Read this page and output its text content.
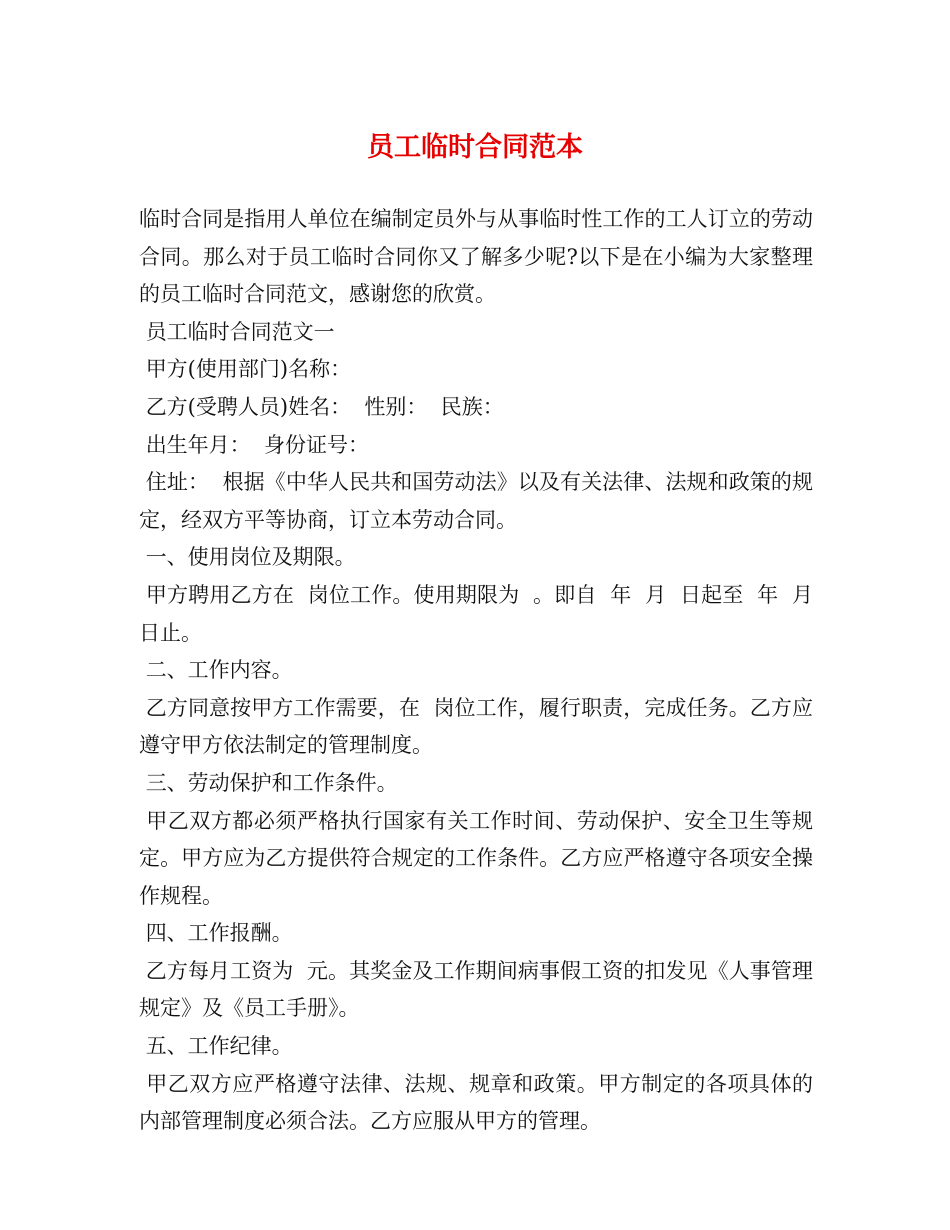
员工临时合同范本

临时合同是指用人单位在编制定员外与从事临时性工作的工人订立的劳动合同。那么对于员工临时合同你又了解多少呢?以下是在小编为大家整理的员工临时合同范文，感谢您的欣赏。

员工临时合同范文一

甲方(使用部门)名称：

乙方(受聘人员)姓名：  性别：  民族：

出生年月：  身份证号：

住址：  根据《中华人民共和国劳动法》以及有关法律、法规和政策的规定，经双方平等协商，订立本劳动合同。

一、使用岗位及期限。

甲方聘用乙方在  岗位工作。使用期限为  。即自  年  月  日起至  年  月日止。

二、工作内容。

乙方同意按甲方工作需要，在  岗位工作，履行职责，完成任务。乙方应遵守甲方依法制定的管理制度。

三、劳动保护和工作条件。

甲乙双方都必须严格执行国家有关工作时间、劳动保护、安全卫生等规定。甲方应为乙方提供符合规定的工作条件。乙方应严格遵守各项安全操作规程。

四、工作报酬。

乙方每月工资为  元。其奖金及工作期间病事假工资的扣发见《人事管理规定》及《员工手册》。

五、工作纪律。

甲乙双方应严格遵守法律、法规、规章和政策。甲方制定的各项具体的内部管理制度必须合法。乙方应服从甲方的管理。
